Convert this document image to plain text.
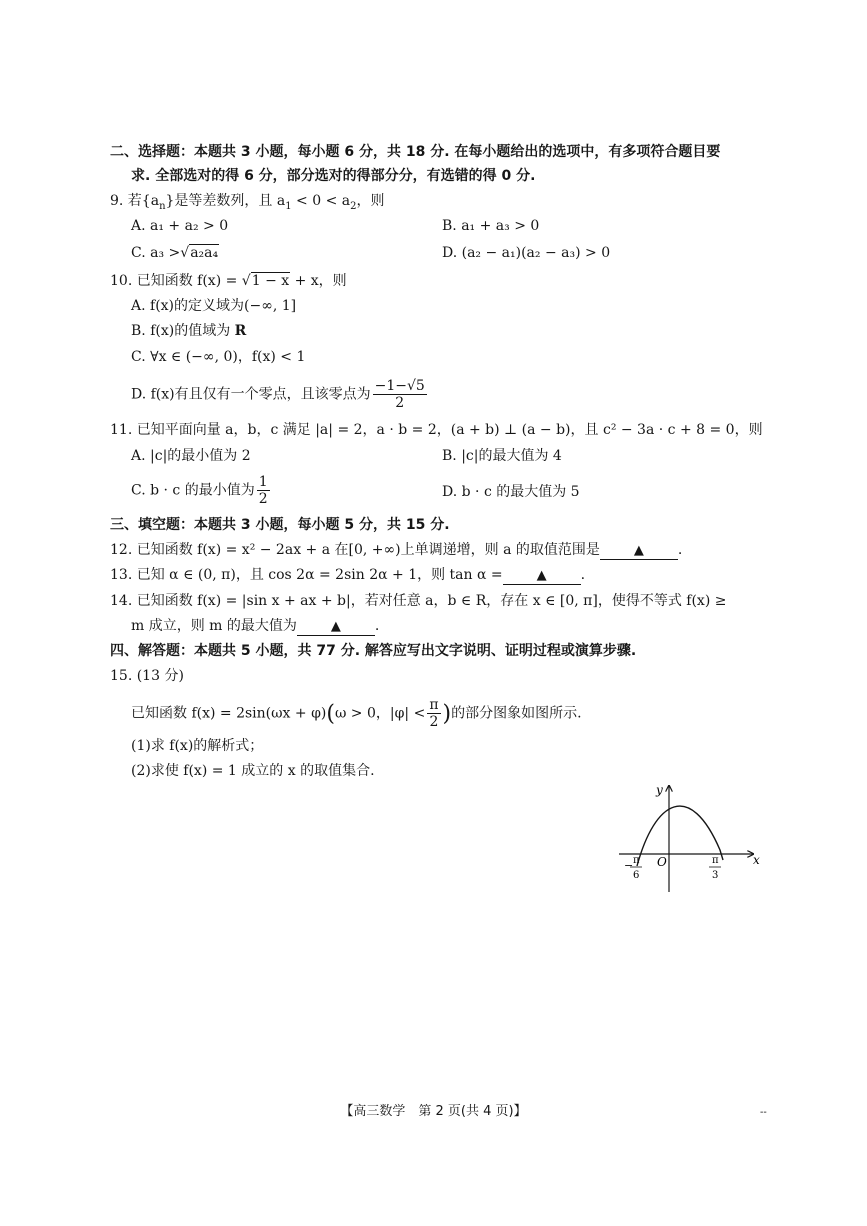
二、选择题：本题共 3 小题，每小题 6 分，共 18 分. 在每小题给出的选项中，有多项符合题目要
求. 全部选对的得 6 分，部分选对的得部分分，有选错的得 0 分.
9. 若$\{a_n\}$是等差数列，且 $a_1 < 0 < a_2$，则
A. a₁ + a₂ > 0	B. a₁ + a₃ > 0
C. a₃ >√a₂a₄	D. (a₂ − a₁)(a₂ − a₃) > 0
10. 已知函数 f(x) = √1 − x + x，则
A. f(x)的定义域为(−∞, 1]
B. f(x)的值域为 R
C. ∀x ∈ (−∞, 0)，f(x) < 1
D. f(x)有且仅有一个零点，且该零点为 $\frac{-1-√5}{2}$
11. 已知平面向量 a，b，c 满足 |a| = 2，a · b = 2，(a + b) ⊥ (a − b)，且 c² − 3a · c + 8 = 0，则
A. |c|的最小值为 2	B. |c|的最大值为 4
C. b · c 的最小值为 $\frac{1}{2}$	D. b · c 的最大值为 5
三、填空题：本题共 3 小题，每小题 5 分，共 15 分.
12. 已知函数 f(x) = x² − 2ax + a 在[0, +∞)上单调递增，则 a 的取值范围是	▲ .
13. 已知 α ∈ (0, π)，且 cos 2α = 2sin 2α + 1，则 tan α =	▲ .
14. 已知函数 f(x) = |sin x + ax + b|，若对任意 a，b ∈ R，存在 x ∈ [0, π]，使得不等式 f(x) ≥
m 成立，则 m 的最大值为	▲ .
四、解答题：本题共 5 小题，共 77 分. 解答应写出文字说明、证明过程或演算步骤.
15. (13 分)
已知函数 f(x) = 2sin(ωx + φ)(ω > 0，$|\varphi| < \frac{\pi}{2}$ )的部分图象如图所示.
(1)求 f(x)的解析式；
(2)求使 f(x) = 1 成立的 x 的取值集合.
y
x
O
− π
6
π
3
【高三数学　第 2 页(共 4 页)】	--
